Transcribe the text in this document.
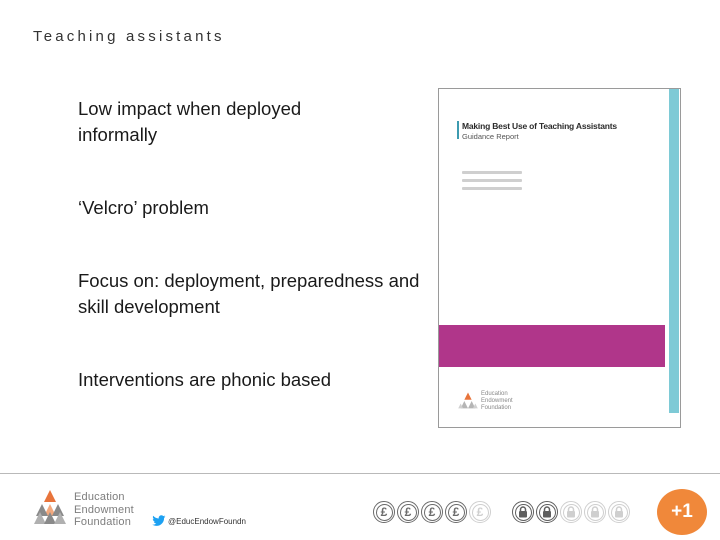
Teaching assistants
Low impact when deployed informally
‘Velcro’ problem
Focus on: deployment, preparedness and skill development
Interventions are phonic based
Making Best Use of Teaching Assistants
Guidance Report
Education
Endowment
Foundation
Education
Endowment
Foundation	@EducEndowFoundn
£	£	£	£	£	+1
